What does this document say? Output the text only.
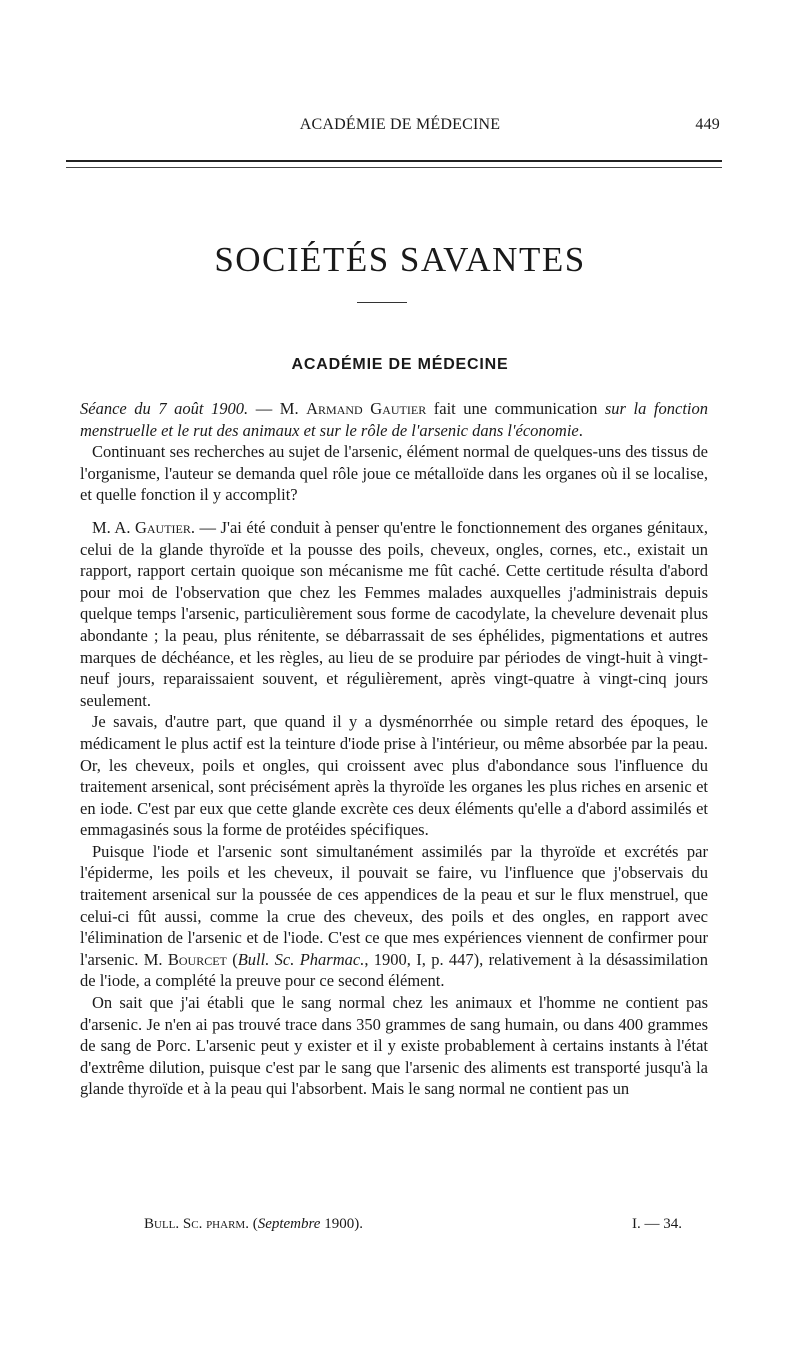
ACADÉMIE DE MÉDECINE	449
SOCIÉTÉS SAVANTES
ACADÉMIE DE MÉDECINE

Séance du 7 août 1900. — M. Armand Gautier fait une communication sur la fonction menstruelle et le rut des animaux et sur le rôle de l'arsenic dans l'économie.

Continuant ses recherches au sujet de l'arsenic, élément normal de quelques-uns des tissus de l'organisme, l'auteur se demanda quel rôle joue ce métalloïde dans les organes où il se localise, et quelle fonction il y accomplit?

M. A. Gautier. — J'ai été conduit à penser qu'entre le fonctionnement des organes génitaux, celui de la glande thyroïde et la pousse des poils, cheveux, ongles, cornes, etc., existait un rapport, rapport certain quoique son mécanisme me fût caché. Cette certitude résulta d'abord pour moi de l'observation que chez les Femmes malades auxquelles j'administrais depuis quelque temps l'arsenic, particulièrement sous forme de cacodylate, la chevelure devenait plus abondante ; la peau, plus rénitente, se débarrassait de ses éphélides, pigmentations et autres marques de déchéance, et les règles, au lieu de se produire par périodes de vingt-huit à vingt-neuf jours, reparaissaient souvent, et régulièrement, après vingt-quatre à vingt-cinq jours seulement.

Je savais, d'autre part, que quand il y a dysménorrhée ou simple retard des époques, le médicament le plus actif est la teinture d'iode prise à l'intérieur, ou même absorbée par la peau. Or, les cheveux, poils et ongles, qui croissent avec plus d'abondance sous l'influence du traitement arsenical, sont précisément après la thyroïde les organes les plus riches en arsenic et en iode. C'est par eux que cette glande excrète ces deux éléments qu'elle a d'abord assimilés et emmagasinés sous la forme de protéides spécifiques.

Puisque l'iode et l'arsenic sont simultanément assimilés par la thyroïde et excrétés par l'épiderme, les poils et les cheveux, il pouvait se faire, vu l'influence que j'observais du traitement arsenical sur la poussée de ces appendices de la peau et sur le flux menstruel, que celui-ci fût aussi, comme la crue des cheveux, des poils et des ongles, en rapport avec l'élimination de l'arsenic et de l'iode. C'est ce que mes expériences viennent de confirmer pour l'arsenic. M. Bourcet (Bull. Sc. Pharmac., 1900, I, p. 447), relativement à la désassimilation de l'iode, a complété la preuve pour ce second élément.

On sait que j'ai établi que le sang normal chez les animaux et l'homme ne contient pas d'arsenic. Je n'en ai pas trouvé trace dans 350 grammes de sang humain, ou dans 400 grammes de sang de Porc. L'arsenic peut y exister et il y existe probablement à certains instants à l'état d'extrême dilution, puisque c'est par le sang que l'arsenic des aliments est transporté jusqu'à la glande thyroïde et à la peau qui l'absorbent. Mais le sang normal ne contient pas un

Bull. Sc. pharm. (Septembre 1900).	I. — 34.
